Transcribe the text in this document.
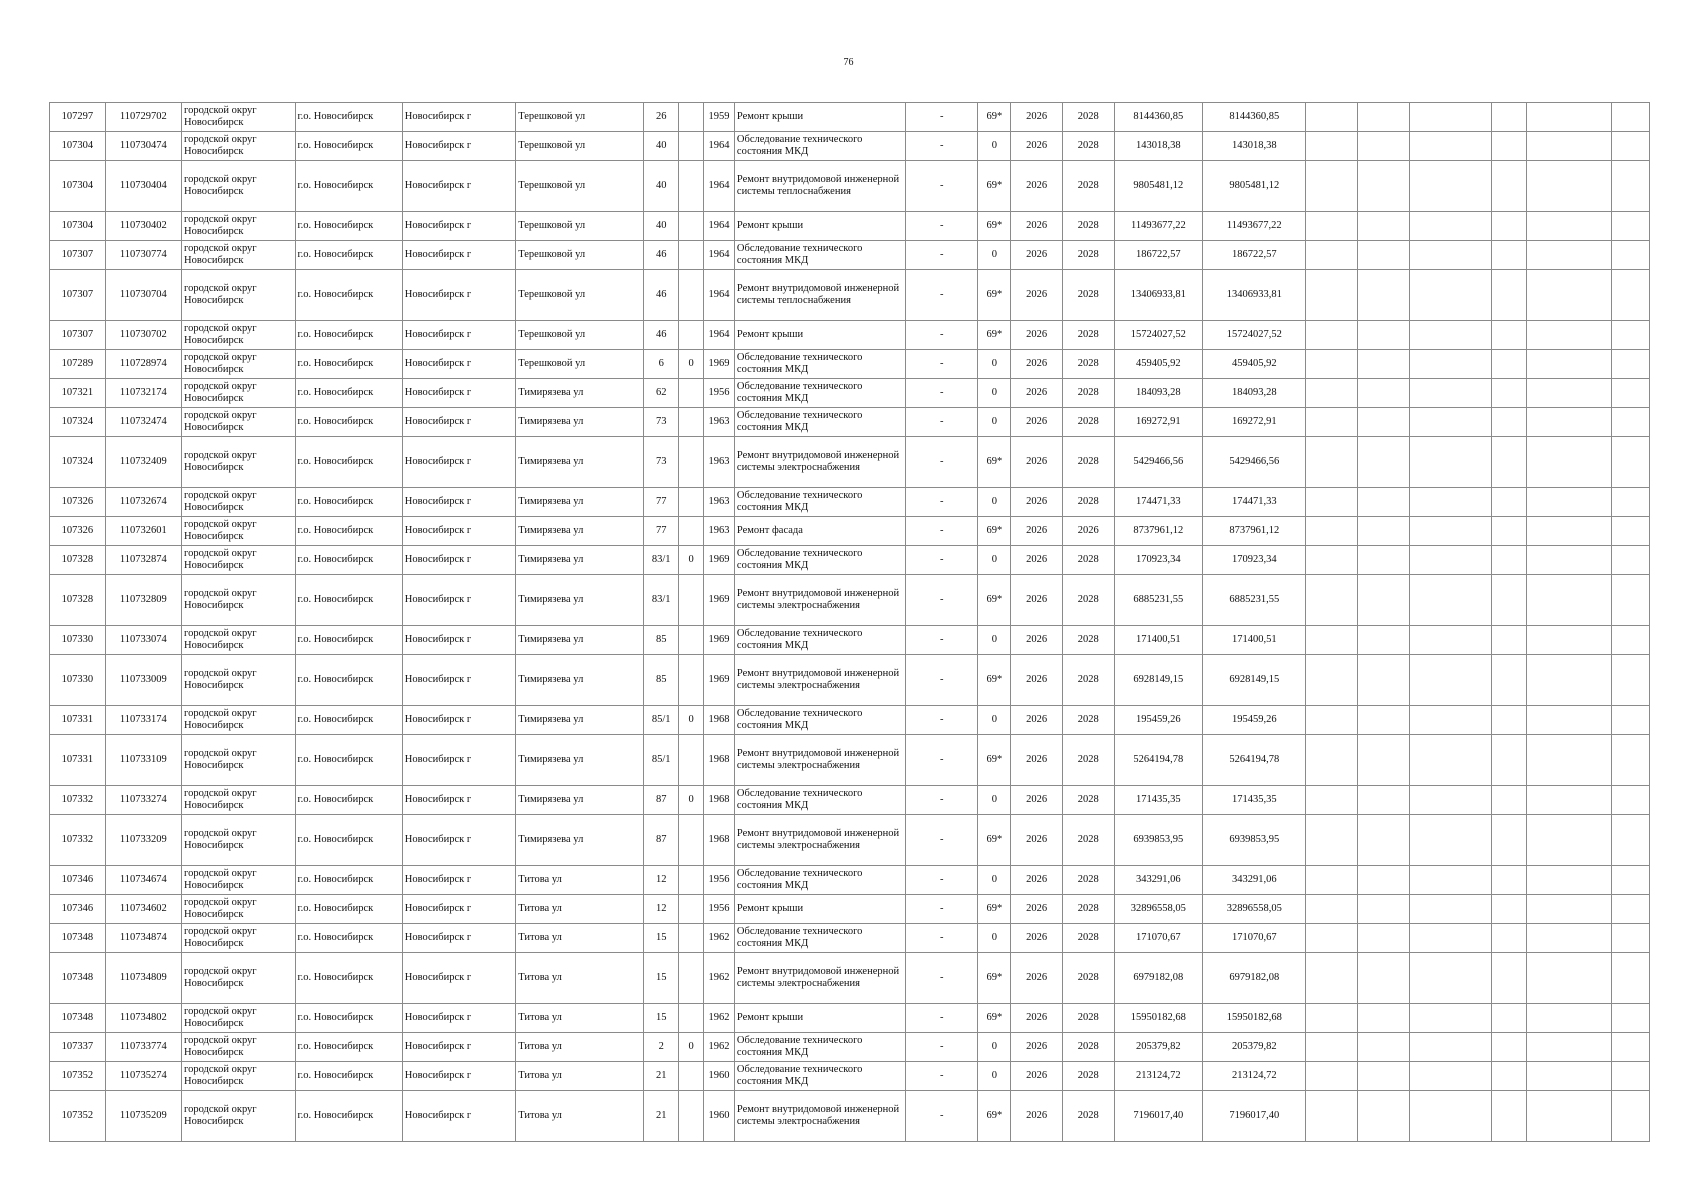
76
107297	110729702	городской округ Новосибирск	г.о. Новосибирск	Новосибирск г	Терешковой ул	26		1959	Ремонт крыши	-	69*	2026	2028	8144360,85	8144360,85						
107304	110730474	городской округ Новосибирск	г.о. Новосибирск	Новосибирск г	Терешковой ул	40		1964	Обследование технического состояния МКД	-	0	2026	2028	143018,38	143018,38						
107304	110730404	городской округ Новосибирск	г.о. Новосибирск	Новосибирск г	Терешковой ул	40		1964	Ремонт внутридомовой инженерной системы теплоснабжения	-	69*	2026	2028	9805481,12	9805481,12						
107304	110730402	городской округ Новосибирск	г.о. Новосибирск	Новосибирск г	Терешковой ул	40		1964	Ремонт крыши	-	69*	2026	2028	11493677,22	11493677,22						
107307	110730774	городской округ Новосибирск	г.о. Новосибирск	Новосибирск г	Терешковой ул	46		1964	Обследование технического состояния МКД	-	0	2026	2028	186722,57	186722,57						
107307	110730704	городской округ Новосибирск	г.о. Новосибирск	Новосибирск г	Терешковой ул	46		1964	Ремонт внутридомовой инженерной системы теплоснабжения	-	69*	2026	2028	13406933,81	13406933,81						
107307	110730702	городской округ Новосибирск	г.о. Новосибирск	Новосибирск г	Терешковой ул	46		1964	Ремонт крыши	-	69*	2026	2028	15724027,52	15724027,52						
107289	110728974	городской округ Новосибирск	г.о. Новосибирск	Новосибирск г	Терешковой ул	6	0	1969	Обследование технического состояния МКД	-	0	2026	2028	459405,92	459405,92						
107321	110732174	городской округ Новосибирск	г.о. Новосибирск	Новосибирск г	Тимирязева ул	62		1956	Обследование технического состояния МКД	-	0	2026	2028	184093,28	184093,28						
107324	110732474	городской округ Новосибирск	г.о. Новосибирск	Новосибирск г	Тимирязева ул	73		1963	Обследование технического состояния МКД	-	0	2026	2028	169272,91	169272,91						
107324	110732409	городской округ Новосибирск	г.о. Новосибирск	Новосибирск г	Тимирязева ул	73		1963	Ремонт внутридомовой инженерной системы электроснабжения	-	69*	2026	2028	5429466,56	5429466,56						
107326	110732674	городской округ Новосибирск	г.о. Новосибирск	Новосибирск г	Тимирязева ул	77		1963	Обследование технического состояния МКД	-	0	2026	2028	174471,33	174471,33						
107326	110732601	городской округ Новосибирск	г.о. Новосибирск	Новосибирск г	Тимирязева ул	77		1963	Ремонт фасада	-	69*	2026	2026	8737961,12	8737961,12						
107328	110732874	городской округ Новосибирск	г.о. Новосибирск	Новосибирск г	Тимирязева ул	83/1	0	1969	Обследование технического состояния МКД	-	0	2026	2028	170923,34	170923,34						
107328	110732809	городской округ Новосибирск	г.о. Новосибирск	Новосибирск г	Тимирязева ул	83/1		1969	Ремонт внутридомовой инженерной системы электроснабжения	-	69*	2026	2028	6885231,55	6885231,55						
107330	110733074	городской округ Новосибирск	г.о. Новосибирск	Новосибирск г	Тимирязева ул	85		1969	Обследование технического состояния МКД	-	0	2026	2028	171400,51	171400,51						
107330	110733009	городской округ Новосибирск	г.о. Новосибирск	Новосибирск г	Тимирязева ул	85		1969	Ремонт внутридомовой инженерной системы электроснабжения	-	69*	2026	2028	6928149,15	6928149,15						
107331	110733174	городской округ Новосибирск	г.о. Новосибирск	Новосибирск г	Тимирязева ул	85/1	0	1968	Обследование технического состояния МКД	-	0	2026	2028	195459,26	195459,26						
107331	110733109	городской округ Новосибирск	г.о. Новосибирск	Новосибирск г	Тимирязева ул	85/1		1968	Ремонт внутридомовой инженерной системы электроснабжения	-	69*	2026	2028	5264194,78	5264194,78						
107332	110733274	городской округ Новосибирск	г.о. Новосибирск	Новосибирск г	Тимирязева ул	87	0	1968	Обследование технического состояния МКД	-	0	2026	2028	171435,35	171435,35						
107332	110733209	городской округ Новосибирск	г.о. Новосибирск	Новосибирск г	Тимирязева ул	87		1968	Ремонт внутридомовой инженерной системы электроснабжения	-	69*	2026	2028	6939853,95	6939853,95						
107346	110734674	городской округ Новосибирск	г.о. Новосибирск	Новосибирск г	Титова ул	12		1956	Обследование технического состояния МКД	-	0	2026	2028	343291,06	343291,06						
107346	110734602	городской округ Новосибирск	г.о. Новосибирск	Новосибирск г	Титова ул	12		1956	Ремонт крыши	-	69*	2026	2028	32896558,05	32896558,05						
107348	110734874	городской округ Новосибирск	г.о. Новосибирск	Новосибирск г	Титова ул	15		1962	Обследование технического состояния МКД	-	0	2026	2028	171070,67	171070,67						
107348	110734809	городской округ Новосибирск	г.о. Новосибирск	Новосибирск г	Титова ул	15		1962	Ремонт внутридомовой инженерной системы электроснабжения	-	69*	2026	2028	6979182,08	6979182,08						
107348	110734802	городской округ Новосибирск	г.о. Новосибирск	Новосибирск г	Титова ул	15		1962	Ремонт крыши	-	69*	2026	2028	15950182,68	15950182,68						
107337	110733774	городской округ Новосибирск	г.о. Новосибирск	Новосибирск г	Титова ул	2	0	1962	Обследование технического состояния МКД	-	0	2026	2028	205379,82	205379,82						
107352	110735274	городской округ Новосибирск	г.о. Новосибирск	Новосибирск г	Титова ул	21		1960	Обследование технического состояния МКД	-	0	2026	2028	213124,72	213124,72						
107352	110735209	городской округ Новосибирск	г.о. Новосибирск	Новосибирск г	Титова ул	21		1960	Ремонт внутридомовой инженерной системы электроснабжения	-	69*	2026	2028	7196017,40	7196017,40						
